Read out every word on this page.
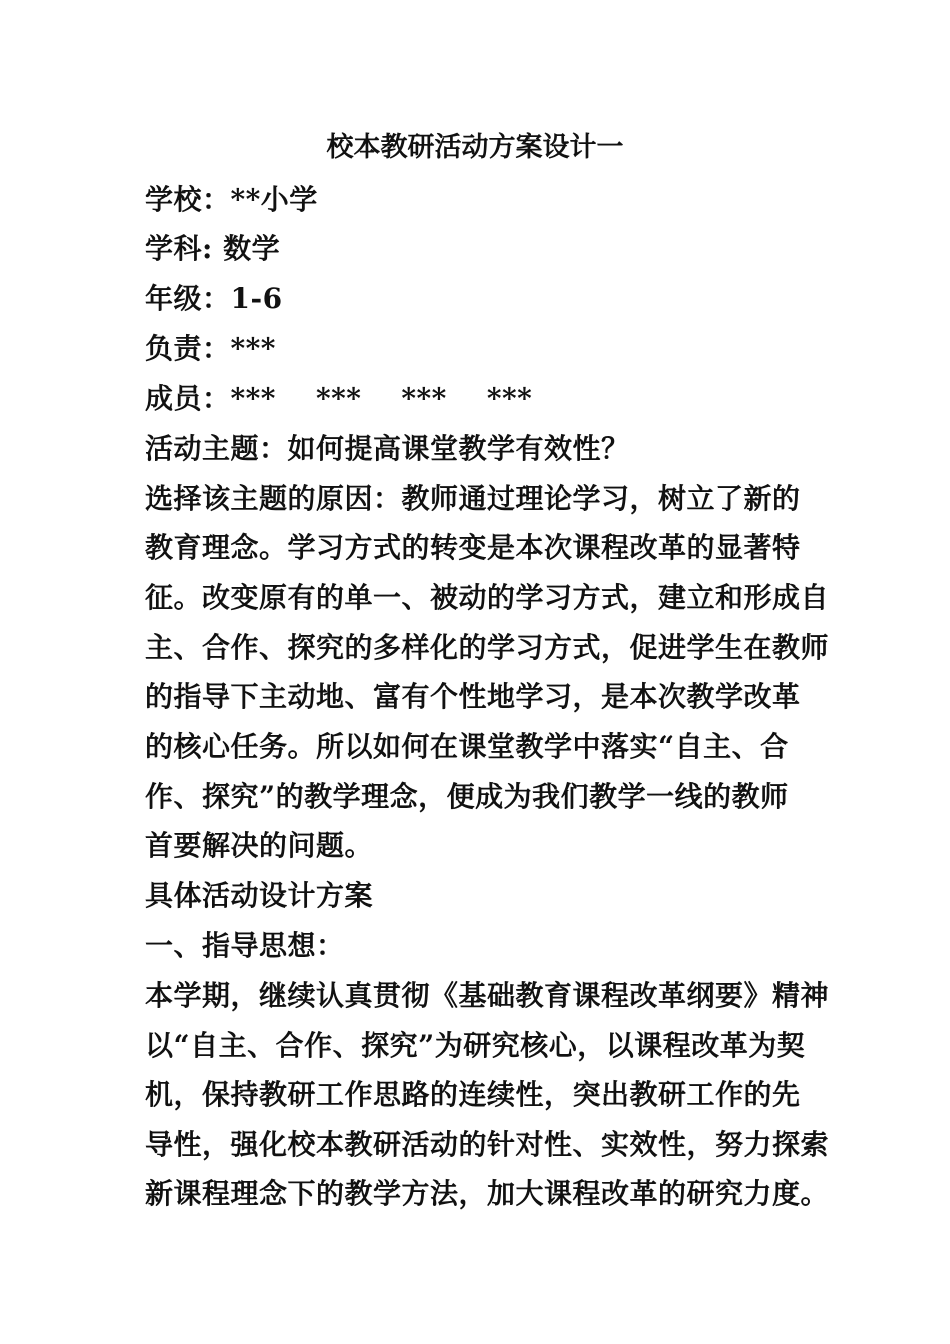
校本教研活动方案设计一
学校：**小学
学科: 数学
年级：1-6
负责：***
成员：*** *** *** ***
活动主题：如何提高课堂教学有效性？
选择该主题的原因：教师通过理论学习，树立了新的
教育理念。学习方式的转变是本次课程改革的显著特
征。改变原有的单一、被动的学习方式，建立和形成自
主、合作、探究的多样化的学习方式，促进学生在教师
的指导下主动地、富有个性地学习，是本次教学改革
的核心任务。所以如何在课堂教学中落实“自主、合
作、探究”的教学理念，便成为我们教学一线的教师
首要解决的问题。
具体活动设计方案
一、指导思想：
本学期，继续认真贯彻《基础教育课程改革纲要》精神
以“自主、合作、探究”为研究核心，以课程改革为契
机，保持教研工作思路的连续性，突出教研工作的先
导性，强化校本教研活动的针对性、实效性，努力探索
新课程理念下的教学方法，加大课程改革的研究力度。
